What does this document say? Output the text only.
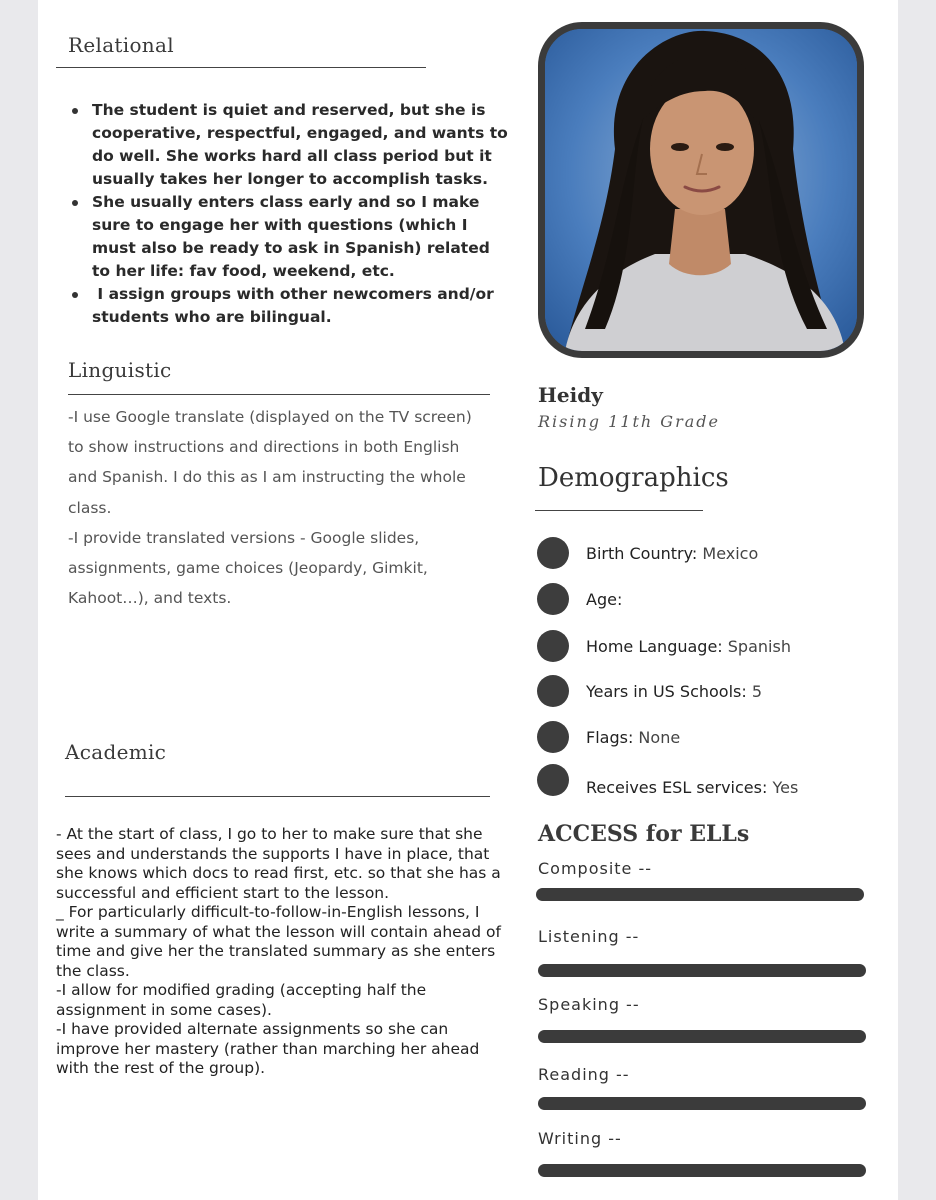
Relational
The student is quiet and reserved, but she is cooperative, respectful, engaged, and wants to do well. She works hard all class period but it usually takes her longer to accomplish tasks.
She usually enters class early and so I make sure to engage her with questions (which I must also be ready to ask in Spanish) related to her life: fav food, weekend, etc.
I assign groups with other newcomers and/or students who are bilingual.
Linguistic
-I use Google translate (displayed on the TV screen) to show instructions and directions in both English and Spanish. I do this as I am instructing the whole class.
-I provide translated versions - Google slides, assignments, game choices (Jeopardy, Gimkit, Kahoot…), and texts.
Academic
- At the start of class, I go to her to make sure that she sees and understands the supports I have in place, that she knows which docs to read first, etc. so that she has a successful and efficient start to the lesson.
_ For particularly difficult-to-follow-in-English lessons, I write a summary of what the lesson will contain ahead of time and give her the translated summary as she enters the class.
-I allow for modified grading (accepting half the assignment in some cases).
-I have provided alternate assignments so she can improve her mastery (rather than marching her ahead with the rest of the group).
Heidy
Rising 11th Grade
Demographics
Birth Country: Mexico
Age:
Home Language: Spanish
Years in US Schools: 5
Flags: None
Receives ESL services: Yes
ACCESS for ELLs
Composite --
Listening --
Speaking --
Reading --
Writing --
